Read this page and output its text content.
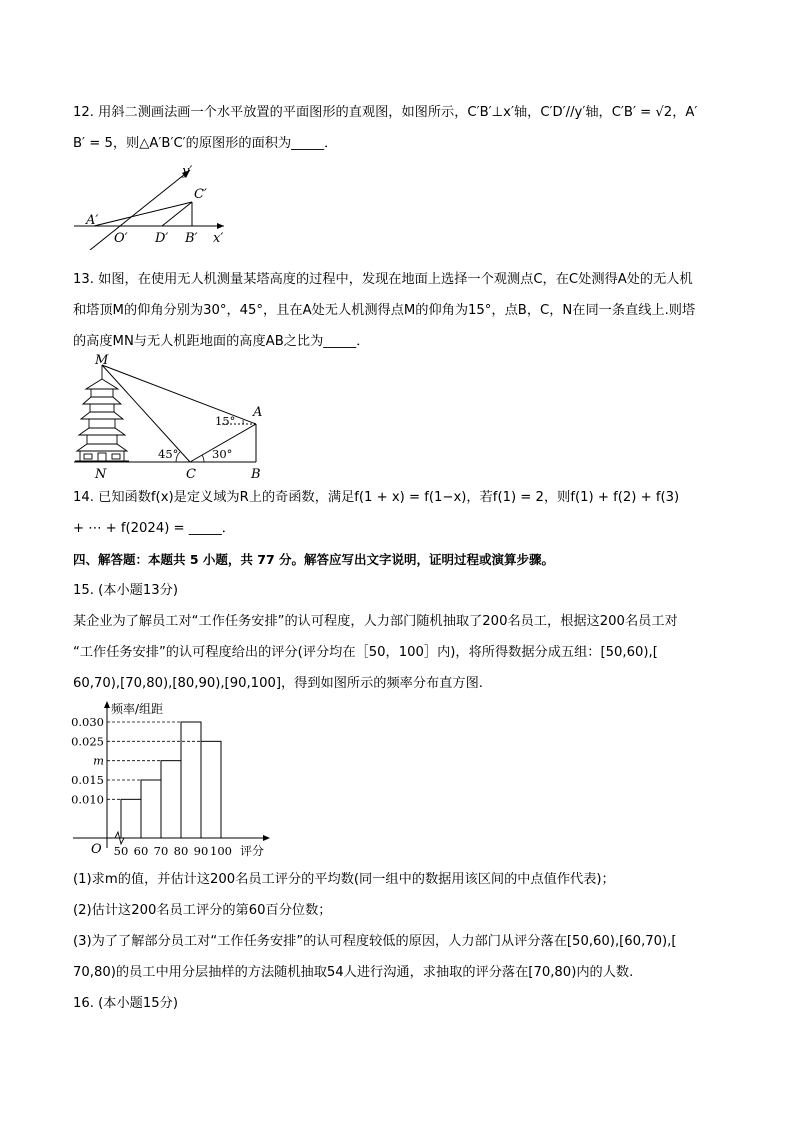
12. 用斜二测画法画一个水平放置的平面图形的直观图，如图所示，C′B′⊥x′轴，C′D′//y′轴，C′B′ = √2，A′
B′ = 5，则△A′B′C′的原图形的面积为_____．
y′
C′
A′
O′ D′ B′ x′
13. 如图，在使用无人机测量某塔高度的过程中，发现在地面上选择一个观测点C，在C处测得A处的无人机
和塔顶M的仰角分别为30°，45°，且在A处无人机测得点M的仰角为15°，点B，C，N在同一条直线上.则塔
的高度MN与无人机距地面的高度AB之比为_____．
M
A
N	C	B
45°	30°
15°
14. 已知函数f(x)是定义域为R上的奇函数，满足f(1 + x) = f(1−x)，若f(1) = 2，则f(1) + f(2) + f(3)
+ ⋯ + f(2024) = _____．
四、解答题：本题共 5 小题，共 77 分。解答应写出文字说明，证明过程或演算步骤。
15. (本小题13分)
某企业为了解员工对“工作任务安排”的认可程度，人力部门随机抽取了200名员工，根据这200名员工对
“工作任务安排”的认可程度给出的评分(评分均在［50，100］内)，将所得数据分成五组：[50,60),[
60,70),[70,80),[80,90),[90,100]，得到如图所示的频率分布直方图.
频率/组距
评分
O
0.010
0.015
m
0.025
0.030
50 60 70 80 90 100
(1)求m的值，并估计这200名员工评分的平均数(同一组中的数据用该区间的中点值作代表)；
(2)估计这200名员工评分的第60百分位数；
(3)为了了解部分员工对“工作任务安排”的认可程度较低的原因，人力部门从评分落在[50,60),[60,70),[
70,80)的员工中用分层抽样的方法随机抽取54人进行沟通，求抽取的评分落在[70,80)内的人数.
16. (本小题15分)
